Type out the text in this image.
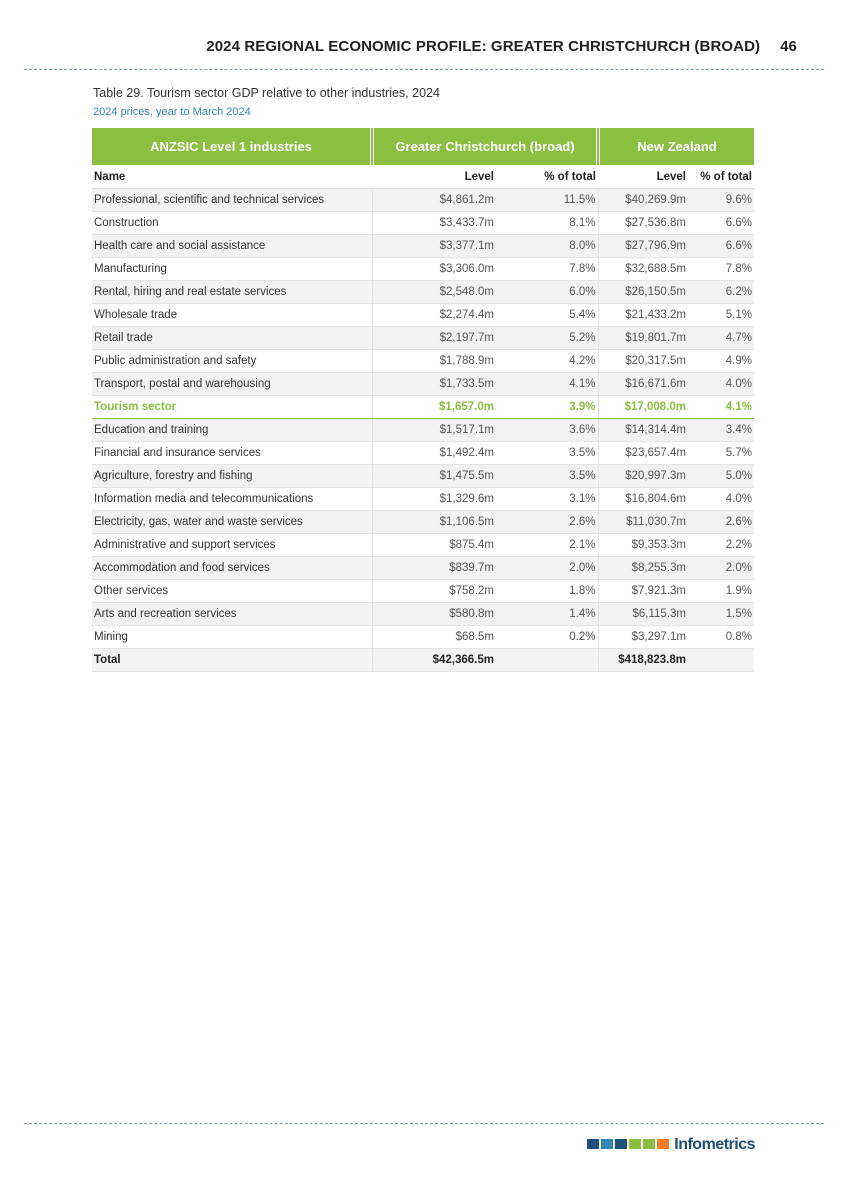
2024 REGIONAL ECONOMIC PROFILE: GREATER CHRISTCHURCH (BROAD) 46
Table 29. Tourism sector GDP relative to other industries, 2024
2024 prices, year to March 2024
ANZSIC Level 1 industries	Greater Christchurch (broad)		New Zealand	
Name	Level	% of total	Level	% of total
Professional, scientific and technical services	$4,861.2m	11.5%	$40,269.9m	9.6%
Construction	$3,433.7m	8.1%	$27,536.8m	6.6%
Health care and social assistance	$3,377.1m	8.0%	$27,796.9m	6.6%
Manufacturing	$3,306.0m	7.8%	$32,688.5m	7.8%
Rental, hiring and real estate services	$2,548.0m	6.0%	$26,150.5m	6.2%
Wholesale trade	$2,274.4m	5.4%	$21,433.2m	5.1%
Retail trade	$2,197.7m	5.2%	$19,801.7m	4.7%
Public administration and safety	$1,788.9m	4.2%	$20,317.5m	4.9%
Transport, postal and warehousing	$1,733.5m	4.1%	$16,671.6m	4.0%
Tourism sector	$1,657.0m	3.9%	$17,008.0m	4.1%
Education and training	$1,517.1m	3.6%	$14,314.4m	3.4%
Financial and insurance services	$1,492.4m	3.5%	$23,657.4m	5.7%
Agriculture, forestry and fishing	$1,475.5m	3.5%	$20,997.3m	5.0%
Information media and telecommunications	$1,329.6m	3.1%	$16,804.6m	4.0%
Electricity, gas, water and waste services	$1,106.5m	2.6%	$11,030.7m	2.6%
Administrative and support services	$875.4m	2.1%	$9,353.3m	2.2%
Accommodation and food services	$839.7m	2.0%	$8,255.3m	2.0%
Other services	$758.2m	1.8%	$7,921.3m	1.9%
Arts and recreation services	$580.8m	1.4%	$6,115.3m	1.5%
Mining	$68.5m	0.2%	$3,297.1m	0.8%
Total	$42,366.5m		$418,823.8m	
Infometrics
